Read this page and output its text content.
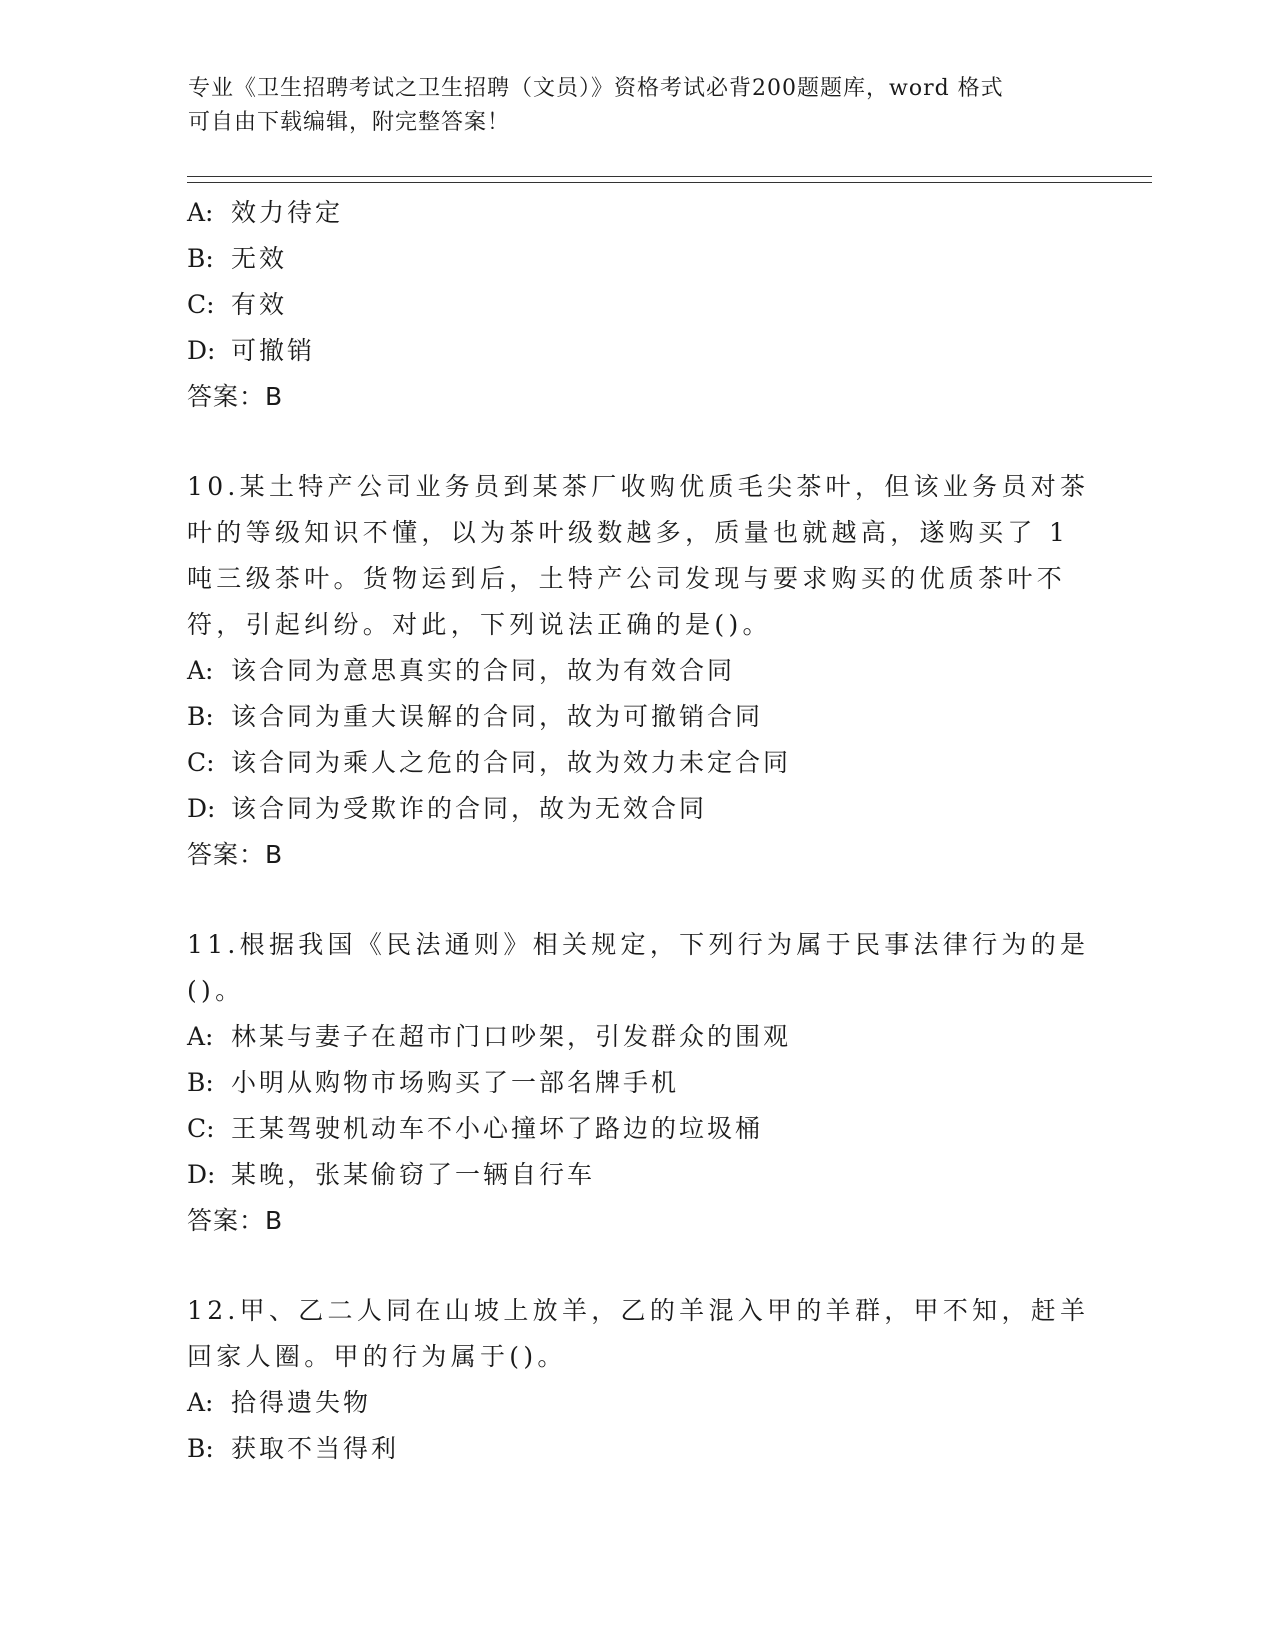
专业《卫生招聘考试之卫生招聘（文员）》资格考试必背200题题库，word 格式
可自由下载编辑，附完整答案！
A: 效力待定
B: 无效
C: 有效
D: 可撤销
答案：B
10.某土特产公司业务员到某茶厂收购优质毛尖茶叶，但该业务员对茶
叶的等级知识不懂，以为茶叶级数越多，质量也就越高，遂购买了 1
吨三级茶叶。货物运到后，土特产公司发现与要求购买的优质茶叶不
符，引起纠纷。对此，下列说法正确的是()。
A: 该合同为意思真实的合同，故为有效合同
B: 该合同为重大误解的合同，故为可撤销合同
C: 该合同为乘人之危的合同，故为效力未定合同
D: 该合同为受欺诈的合同，故为无效合同
答案：B
11.根据我国《民法通则》相关规定，下列行为属于民事法律行为的是
()。
A: 林某与妻子在超市门口吵架，引发群众的围观
B: 小明从购物市场购买了一部名牌手机
C: 王某驾驶机动车不小心撞坏了路边的垃圾桶
D: 某晚，张某偷窃了一辆自行车
答案：B
12.甲、乙二人同在山坡上放羊，乙的羊混入甲的羊群，甲不知，赶羊
回家人圈。甲的行为属于()。
A: 拾得遗失物
B: 获取不当得利
